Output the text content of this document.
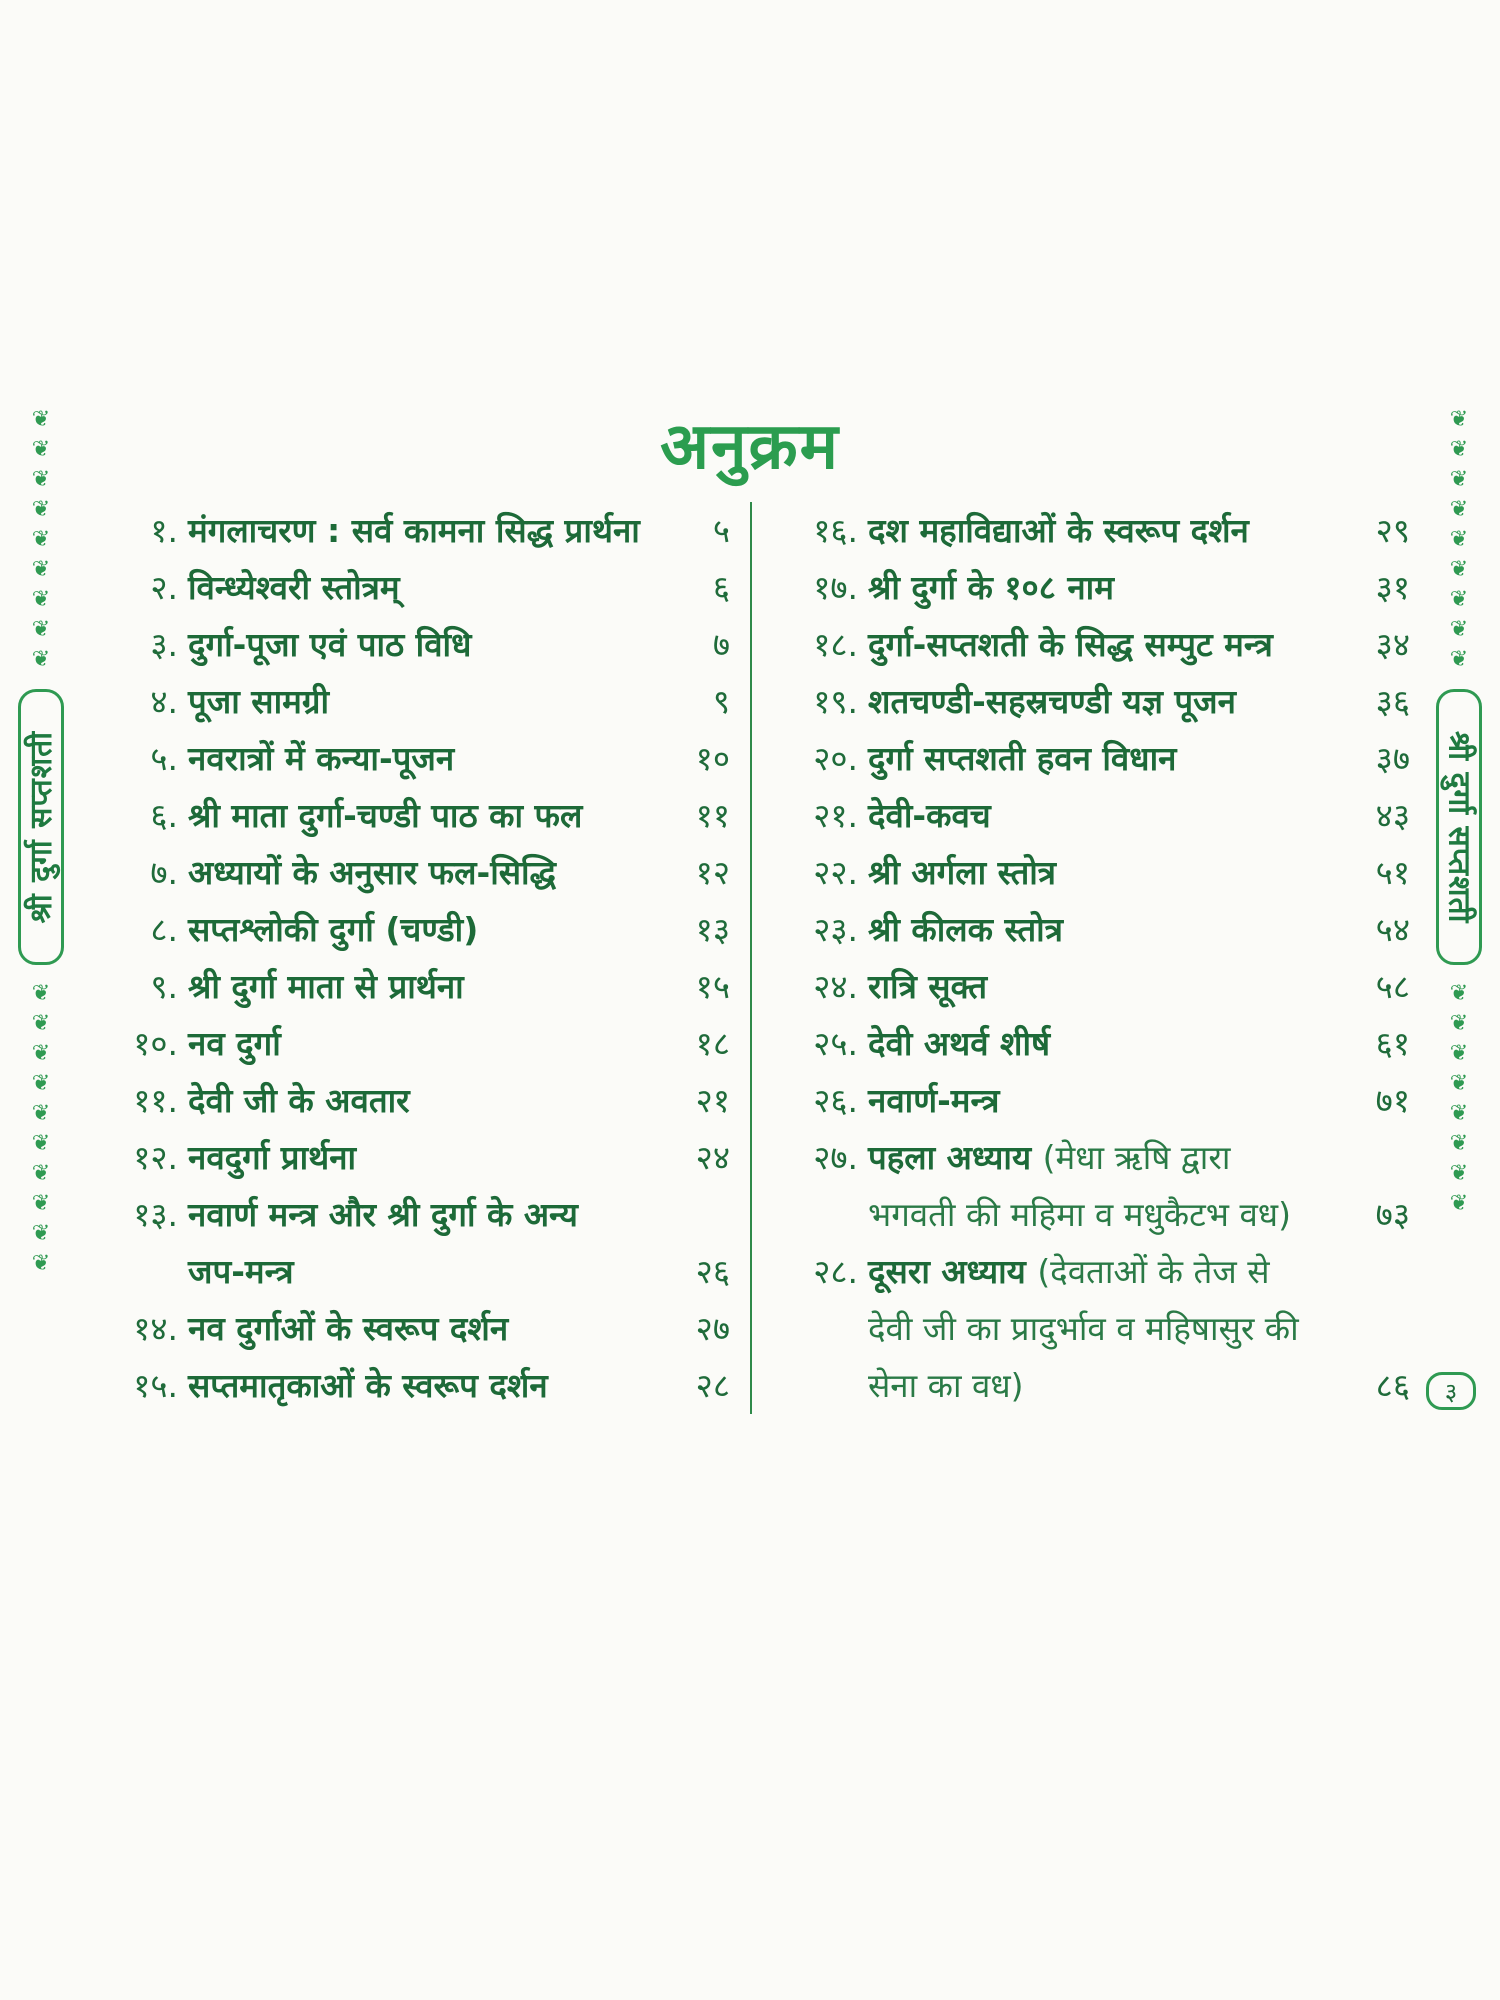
❦
❦
❦
❦
❦
❦
❦
❦
❦
श्री दुर्गा सप्तशती
❦
❦
❦
❦
❦
❦
❦
❦
❦
❦
❦
❦
❦
❦
❦
❦
❦
❦
❦
श्री दुर्गा सप्तशती
❦
❦
❦
❦
❦
❦
❦
❦
अनुक्रम
१. मंगलाचरण : सर्व कामना सिद्ध प्रार्थना	५
२. विन्ध्येश्वरी स्तोत्रम्	६
३. दुर्गा-पूजा एवं पाठ विधि	७
४. पूजा सामग्री	९
५. नवरात्रों में कन्या-पूजन	१०
६. श्री माता दुर्गा-चण्डी पाठ का फल	११
७. अध्यायों के अनुसार फल-सिद्धि	१२
८. सप्तश्लोकी दुर्गा (चण्डी)	१३
९. श्री दुर्गा माता से प्रार्थना	१५
१०. नव दुर्गा	१८
११. देवी जी के अवतार	२१
१२. नवदुर्गा प्रार्थना	२४
१३. नवार्ण मन्त्र और श्री दुर्गा के अन्य
जप-मन्त्र
	२६
१४. नव दुर्गाओं के स्वरूप दर्शन	२७
१५. सप्तमातृकाओं के स्वरूप दर्शन	२८
१६. दश महाविद्याओं के स्वरूप दर्शन	२९
१७. श्री दुर्गा के १०८ नाम	३१
१८. दुर्गा-सप्तशती के सिद्ध सम्पुट मन्त्र	३४
१९. शतचण्डी-सहस्रचण्डी यज्ञ पूजन	३६
२०. दुर्गा सप्तशती हवन विधान	३७
२१. देवी-कवच	४३
२२. श्री अर्गला स्तोत्र	५१
२३. श्री कीलक स्तोत्र	५४
२४. रात्रि सूक्त	५८
२५. देवी अथर्व शीर्ष	६१
२६. नवार्ण-मन्त्र	७१
२७. पहला अध्याय (मेधा ऋषि द्वारा
भगवती की महिमा व मधुकैटभ वध)
	७३
२८. दूसरा अध्याय (देवताओं के तेज से
देवी जी का प्रादुर्भाव व महिषासुर की
सेना का वध)

	८६ ३
